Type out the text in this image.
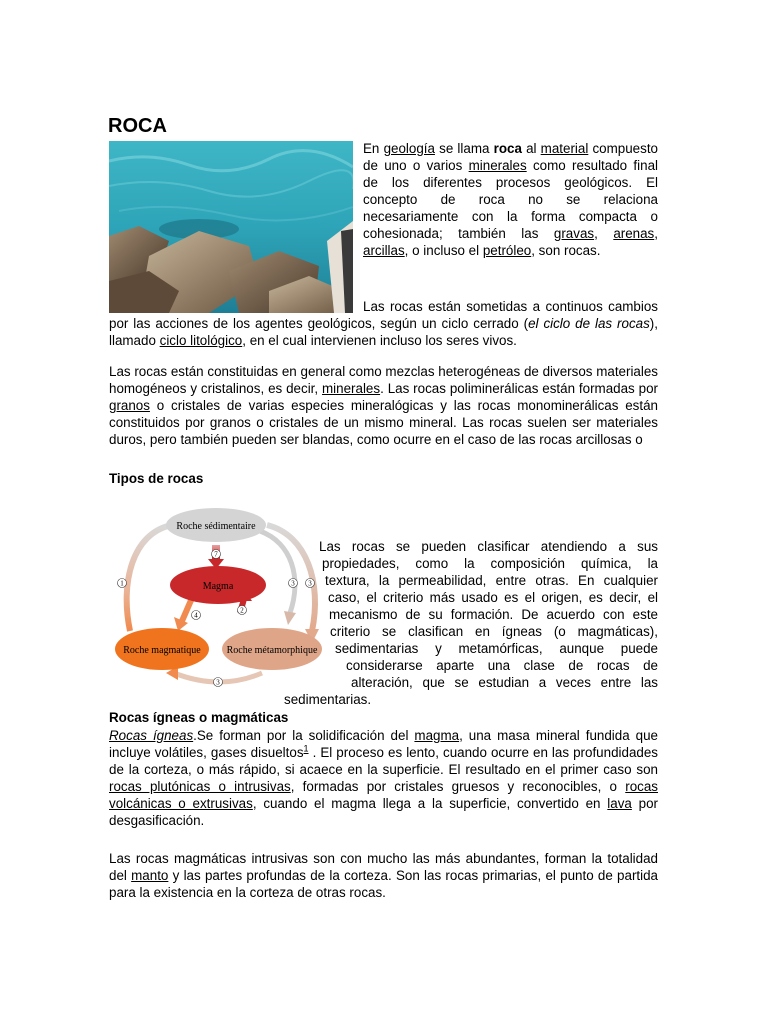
ROCA

En geología se llama roca al material compuesto de uno o varios minerales como resultado final de los diferentes procesos geológicos. El concepto de roca no se relaciona necesariamente con la forma compacta o cohesionada; también las gravas, arenas, arcillas, o incluso el petróleo, son rocas.

Las rocas están sometidas a continuos cambios por las acciones de los agentes geológicos, según un ciclo cerrado (el ciclo de las rocas), llamado ciclo litológico, en el cual intervienen incluso los seres vivos.

Las rocas están constituidas en general como mezclas heterogéneas de diversos materiales homogéneos y cristalinos, es decir, minerales. Las rocas poliminerálicas están formadas por granos o cristales de varias especies mineralógicas y las rocas monominerálicas están constituidos por granos o cristales de un mismo mineral. Las rocas suelen ser materiales duros, pero también pueden ser blandas, como ocurre en el caso de las rocas arcillosas o

Tipos de rocas
Roche sédimentaire
Magma
Roche magmatique	Roche métamorphique
1
7
4
2
3 3
3
Las rocas se pueden clasificar atendiendo a sus
propiedades, como la composición química, la
textura, la permeabilidad, entre otras. En cualquier
caso, el criterio más usado es el origen, es decir, el
mecanismo de su formación. De acuerdo con este
criterio se clasifican en ígneas (o magmáticas),
sedimentarias y metamórficas, aunque puede
considerarse aparte una clase de rocas de
alteración, que se estudian a veces entre las
sedimentarias.
Rocas ígneas o magmáticas

Rocas ígneas.Se forman por la solidificación del magma, una masa mineral fundida que incluye volátiles, gases disueltos$^1$ . El proceso es lento, cuando ocurre en las profundidades de la corteza, o más rápido, si acaece en la superficie. El resultado en el primer caso son rocas plutónicas o intrusivas, formadas por cristales gruesos y reconocibles, o rocas volcánicas o extrusivas, cuando el magma llega a la superficie, convertido en lava por desgasificación.

Las rocas magmáticas intrusivas son con mucho las más abundantes, forman la totalidad del manto y las partes profundas de la corteza. Son las rocas primarias, el punto de partida para la existencia en la corteza de otras rocas.
